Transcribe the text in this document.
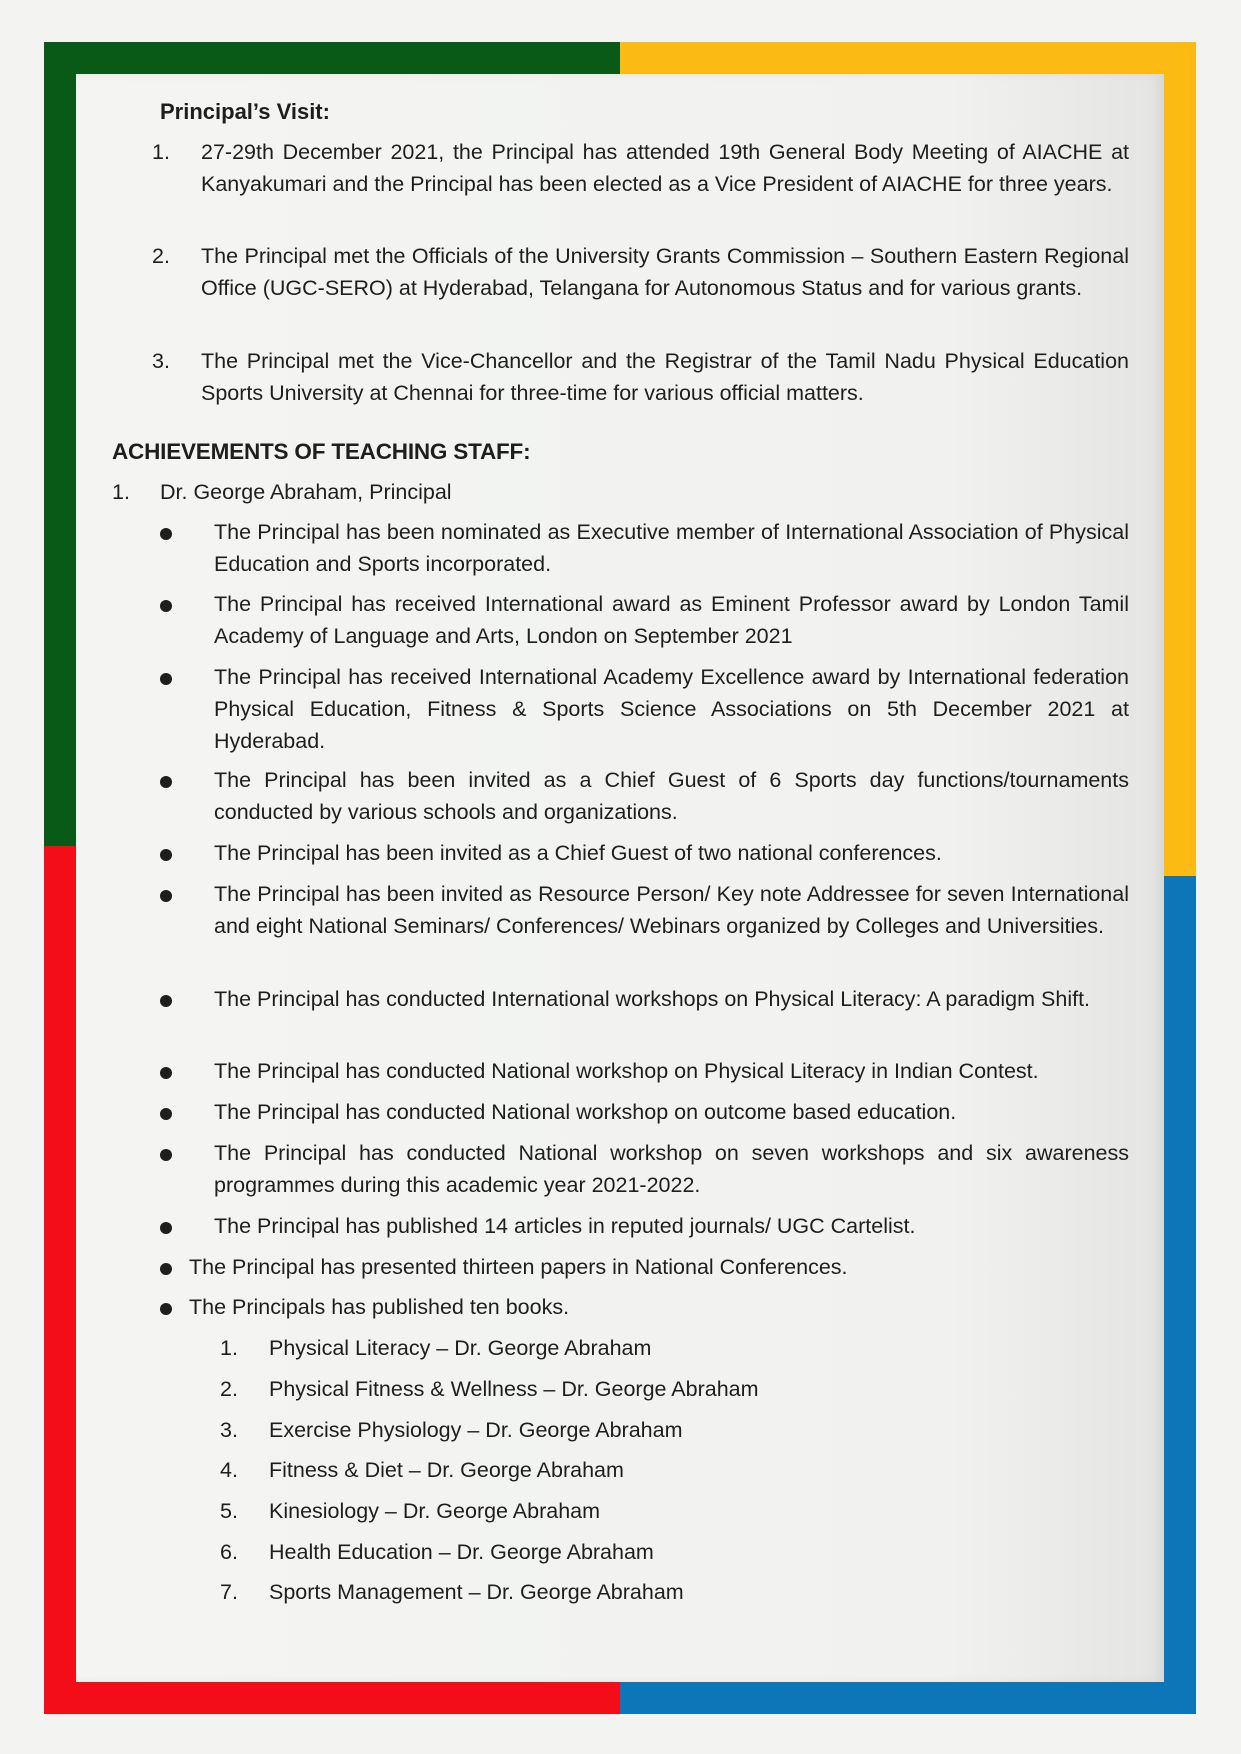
Principal’s Visit:
1. 27-29th December 2021, the Principal has attended 19th General Body Meeting of AIACHE at Kanyakumari and the Principal has been elected as a Vice President of AIACHE for three years.
2. The Principal met the Officials of the University Grants Commission – Southern Eastern Regional Office (UGC-SERO) at Hyderabad, Telangana for Autonomous Status and for various grants.
3. The Principal met the Vice-Chancellor and the Registrar of the Tamil Nadu Physical Education Sports University at Chennai for three-time for various official matters.
ACHIEVEMENTS OF TEACHING STAFF:
1. Dr. George Abraham, Principal
The Principal has been nominated as Executive member of International Association of Physical Education and Sports incorporated.
The Principal has received International award as Eminent Professor award by London Tamil Academy of Language and Arts, London on September 2021
The Principal has received International Academy Excellence award by International federation Physical Education, Fitness & Sports Science Associations on 5th December 2021 at Hyderabad.
The Principal has been invited as a Chief Guest of 6 Sports day functions/tournaments conducted by various schools and organizations.
The Principal has been invited as a Chief Guest of two national conferences.
The Principal has been invited as Resource Person/ Key note Addressee for seven International and eight National Seminars/ Conferences/ Webinars organized by Colleges and Universities.
The Principal has conducted International workshops on Physical Literacy: A paradigm Shift.
The Principal has conducted National workshop on Physical Literacy in Indian Contest.
The Principal has conducted National workshop on outcome based education.
The Principal has conducted National workshop on seven workshops and six awareness programmes during this academic year 2021-2022.
The Principal has published 14 articles in reputed journals/ UGC Cartelist.
The Principal has presented thirteen papers in National Conferences.
The Principals has published ten books.
1. Physical Literacy – Dr. George Abraham
2. Physical Fitness & Wellness – Dr. George Abraham
3. Exercise Physiology – Dr. George Abraham
4. Fitness & Diet – Dr. George Abraham
5. Kinesiology – Dr. George Abraham
6. Health Education – Dr. George Abraham
7. Sports Management – Dr. George Abraham
